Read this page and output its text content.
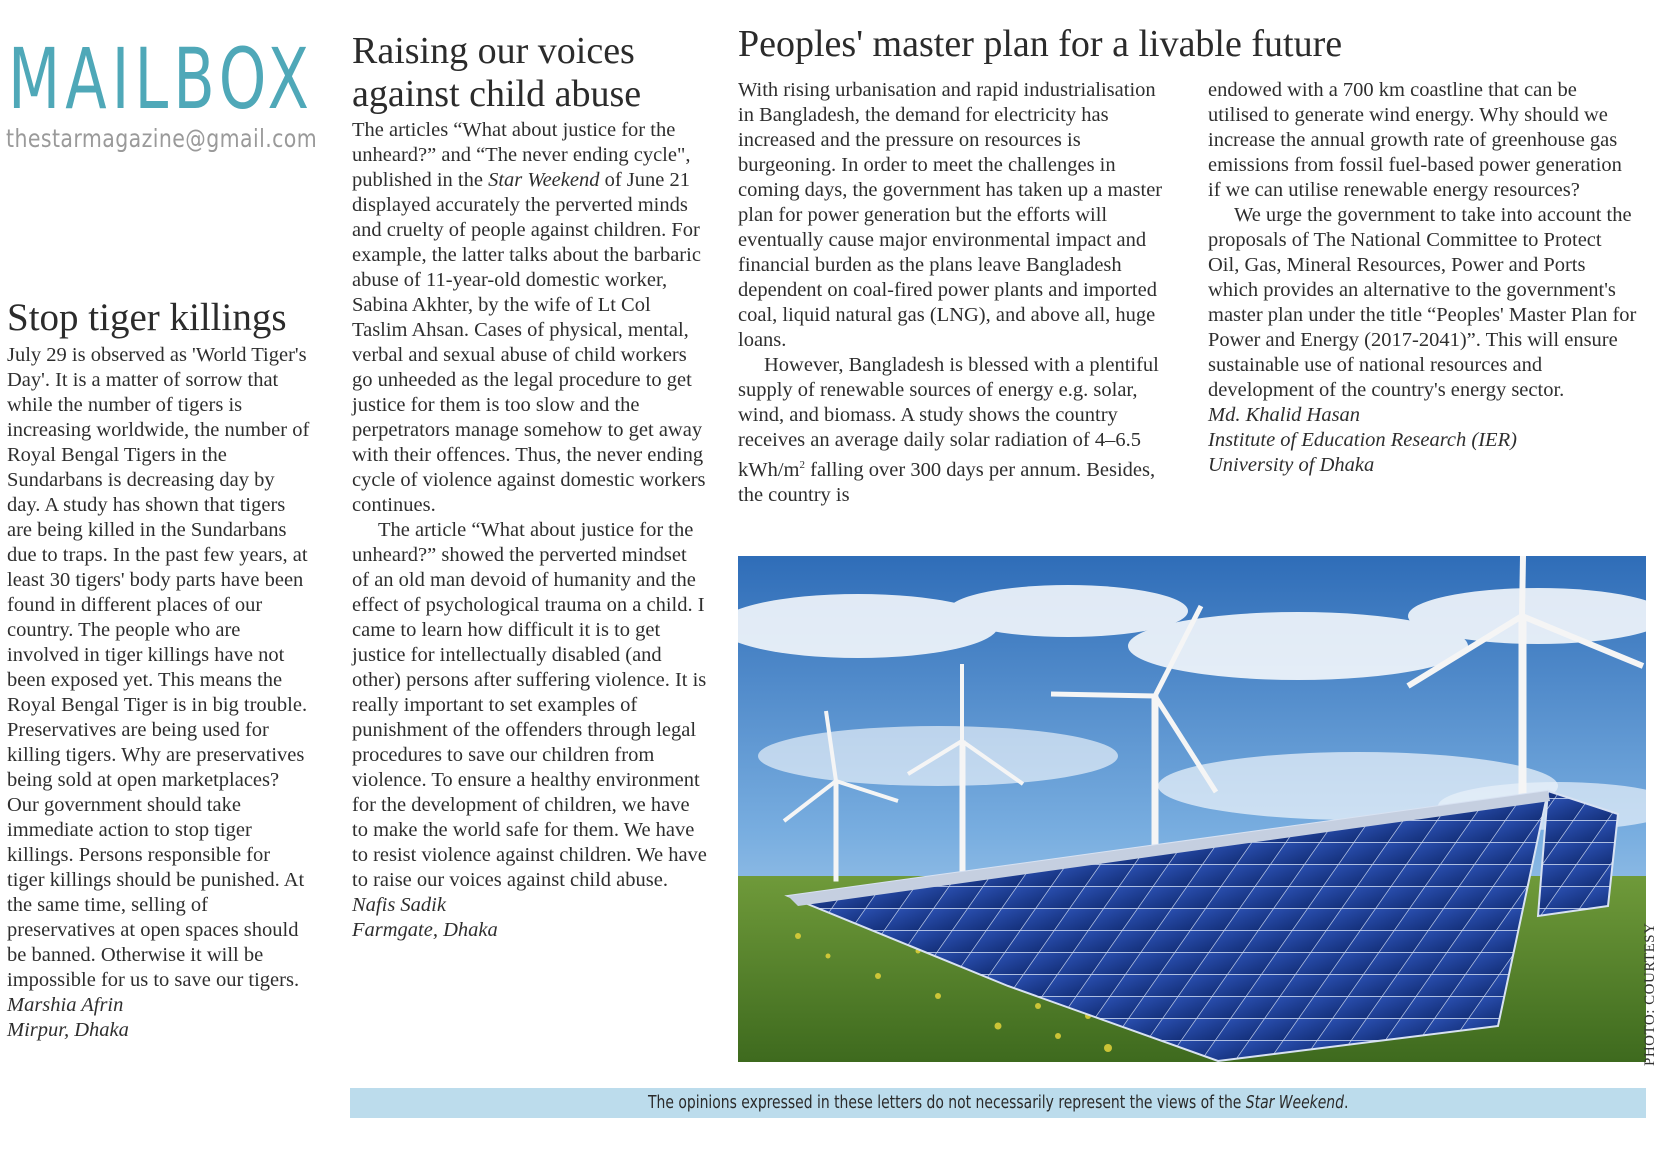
MAILBOX
thestarmagazine@gmail.com
Stop tiger killings

July 29 is observed as 'World Tiger's Day'. It is a matter of sorrow that while the number of tigers is increasing worldwide, the number of Royal Bengal Tigers in the Sundarbans is decreasing day by day. A study has shown that tigers are being killed in the Sundarbans due to traps. In the past few years, at least 30 tigers' body parts have been found in different places of our country. The people who are involved in tiger killings have not been exposed yet. This means the Royal Bengal Tiger is in big trouble. Preservatives are being used for killing tigers. Why are preservatives being sold at open marketplaces? Our government should take immediate action to stop tiger killings. Persons responsible for tiger killings should be punished. At the same time, selling of preservatives at open spaces should be banned. Otherwise it will be impossible for us to save our tigers.

Marshia Afrin

Mirpur, Dhaka

Raising our voices against child abuse

The articles “What about justice for the unheard?” and “The never ending cycle", published in the Star Weekend of June 21 displayed accurately the perverted minds and cruelty of people against children. For example, the latter talks about the barbaric abuse of 11-year-old domestic worker, Sabina Akhter, by the wife of Lt Col Taslim Ahsan. Cases of physical, mental, verbal and sexual abuse of child workers go unheeded as the legal procedure to get justice for them is too slow and the perpetrators manage somehow to get away with their offences. Thus, the never ending cycle of violence against domestic workers continues.

The article “What about justice for the unheard?” showed the perverted mindset of an old man devoid of humanity and the effect of psychological trauma on a child. I came to learn how difficult it is to get justice for intellectually disabled (and other) persons after suffering violence. It is really important to set examples of punishment of the offenders through legal procedures to save our children from violence. To ensure a healthy environment for the development of children, we have to make the world safe for them. We have to resist violence against children. We have to raise our voices against child abuse.

Nafis Sadik

Farmgate, Dhaka

Peoples' master plan for a livable future

With rising urbanisation and rapid industrialisation in Bangladesh, the demand for electricity has increased and the pressure on resources is burgeoning. In order to meet the challenges in coming days, the government has taken up a master plan for power generation but the efforts will eventually cause major environmental impact and financial burden as the plans leave Bangladesh dependent on coal-fired power plants and imported coal, liquid natural gas (LNG), and above all, huge loans.

However, Bangladesh is blessed with a plentiful supply of renewable sources of energy e.g. solar, wind, and biomass. A study shows the country receives an average daily solar radiation of 4–6.5 kWh/$m^2$ falling over 300 days per annum. Besides, the country is

endowed with a 700 km coastline that can be utilised to generate wind energy. Why should we increase the annual growth rate of greenhouse gas emissions from fossil fuel-based power generation if we can utilise renewable energy resources?

We urge the government to take into account the proposals of The National Committee to Protect Oil, Gas, Mineral Resources, Power and Ports which provides an alternative to the government's master plan under the title “Peoples' Master Plan for Power and Energy (2017-2041)”. This will ensure sustainable use of national resources and development of the country's energy sector.

Md. Khalid Hasan

Institute of Education Research (IER)

University of Dhaka

PHOTO: COURTESY
The opinions expressed in these letters do not necessarily represent the views of the Star Weekend.
